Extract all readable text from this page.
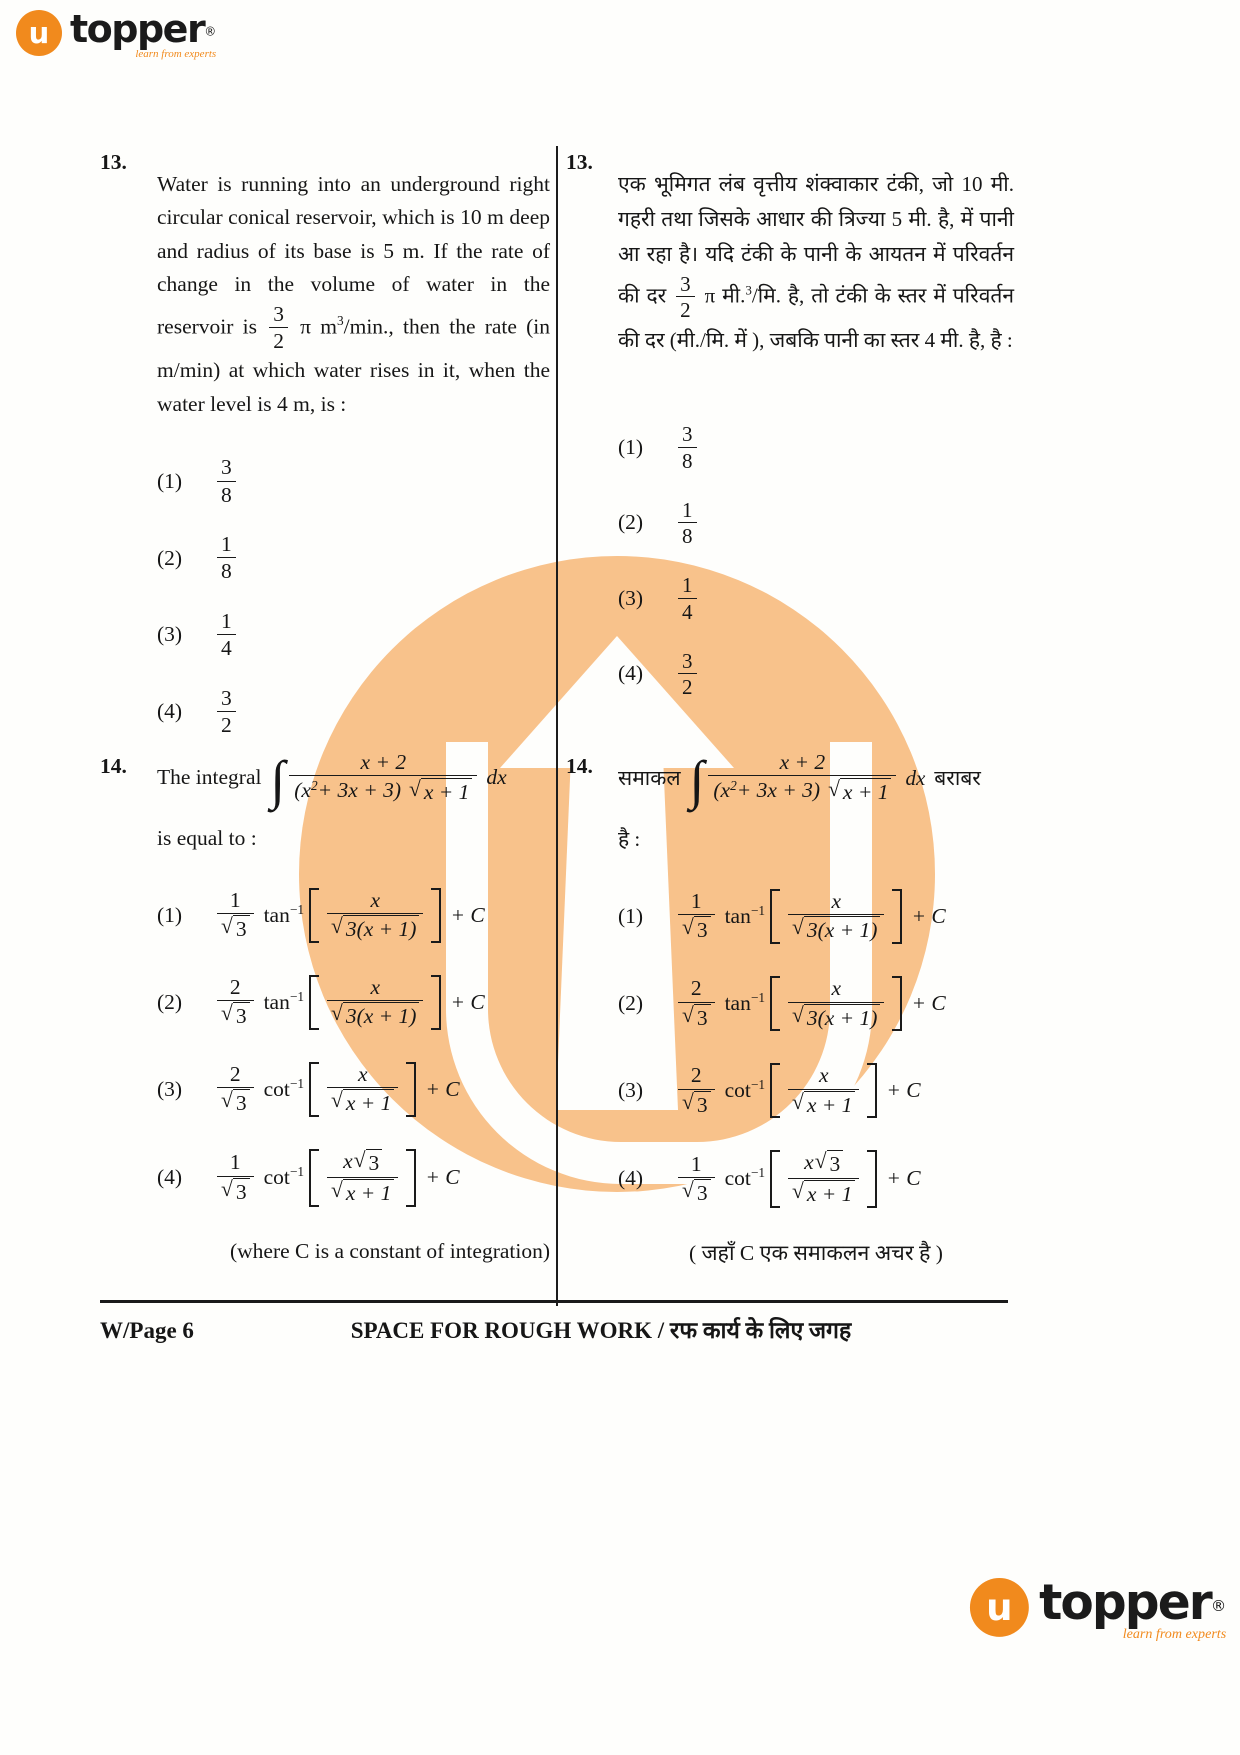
u topper®
learn from experts
13.

Water is running into an underground right circular conical reservoir, which is 10 m deep and radius of its base is 5 m. If the rate of change in the volume of water in the reservoir is $\frac{3}{2}$ π $m^3/\min$., then the rate (in m/min) at which water rises in it, when the water level is 4 m, is :

(1)	$\frac{3}{8}$
(2)	$\frac{1}{8}$
(3)	$\frac{1}{4}$
(4)	$\frac{3}{2}$
13.

एक भूमिगत लंब वृत्तीय शंक्वाकार टंकी, जो 10 मी. गहरी तथा जिसके आधार की त्रिज्या 5 मी. है, में पानी आ रहा है। यदि टंकी के पानी के आयतन में परिवर्तन की दर $\frac{3}{2}$ π मी.$^3$/मि. है, तो टंकी के स्तर में परिवर्तन की दर (मी./मि. में ), जबकि पानी का स्तर 4 मी. है, है :

(1)	$\frac{3}{8}$
(2)	$\frac{1}{8}$
(3)	$\frac{1}{4}$
(4)	$\frac{3}{2}$
14.	The integral ∫ $\frac{x + 2}{(x^2 + 3x + 3) √ x + 1}$ dx
is equal to :
(1)	$\frac{1}{√ 3} \tan^{-1} \frac{x}{√ 3(x + 1)} + C$
(2)	$\frac{2}{√ 3} \tan^{-1} \frac{x}{√ 3(x + 1)} + C$
(3)	$\frac{2}{√ 3} \cot^{-1} \frac{x}{√ x + 1} + C$
(4)	$\frac{1}{√ 3} \cot^{-1} \frac{x √ 3}{√ x + 1} + C$
(where C is a constant of integration)
14.	समाकल ∫ $\frac{x + 2}{(x^2 + 3x + 3) √ x + 1}$ dx बराबर
है :
(1)	$\frac{1}{√ 3} \tan^{-1} \frac{x}{√ 3(x + 1)} + C$
(2)	$\frac{2}{√ 3} \tan^{-1} \frac{x}{√ 3(x + 1)} + C$
(3)	$\frac{2}{√ 3} \cot^{-1} \frac{x}{√ x + 1} + C$
(4)	$\frac{1}{√ 3} \cot^{-1} \frac{x √ 3}{√ x + 1} + C$
( जहाँ C एक समाकलन अचर है )
W/Page 6	SPACE FOR ROUGH WORK / रफ कार्य के लिए जगह
u topper®
learn from experts
